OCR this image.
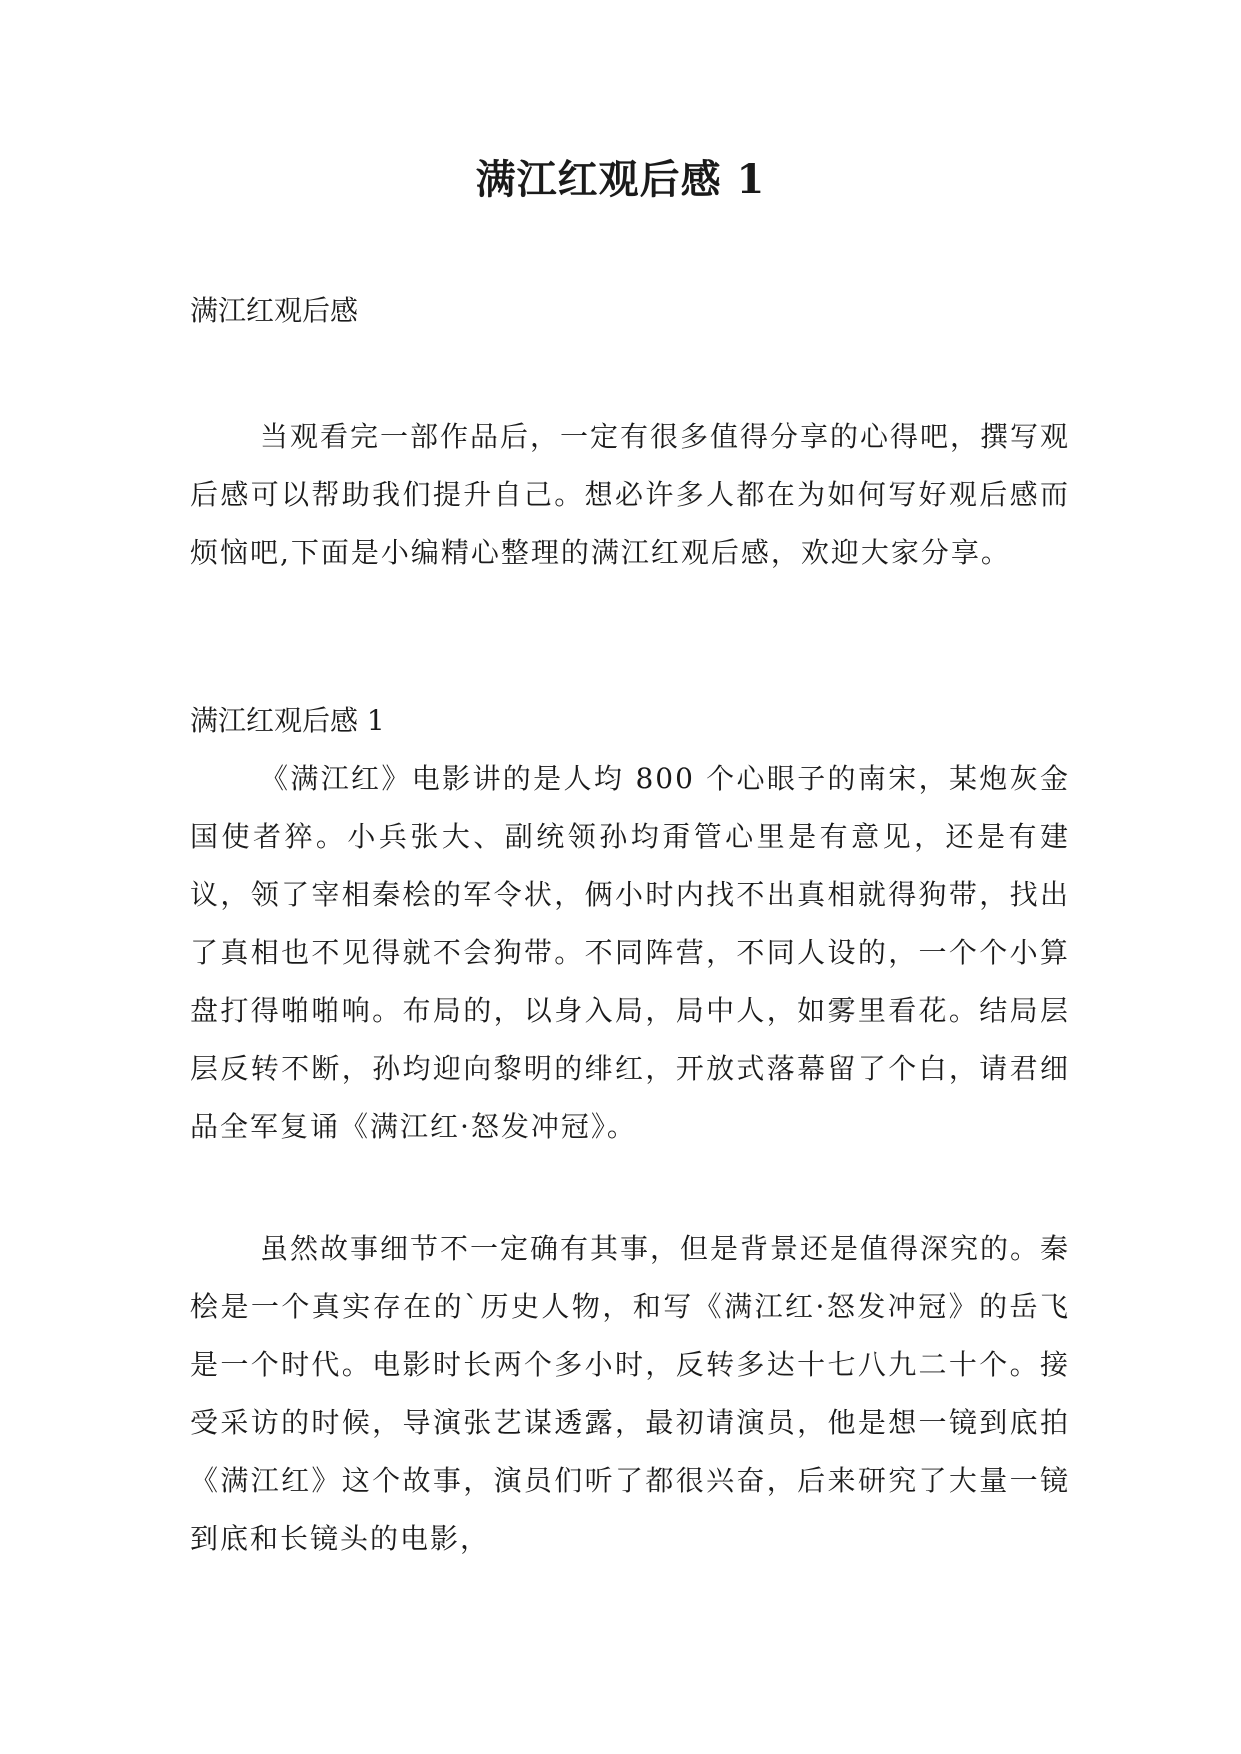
满江红观后感 1

满江红观后感

当观看完一部作品后，一定有很多值得分享的心得吧，撰写观后感可以帮助我们提升自己。想必许多人都在为如何写好观后感而烦恼吧,下面是小编精心整理的满江红观后感，欢迎大家分享。

满江红观后感 1

《满江红》电影讲的是人均 800 个心眼子的南宋，某炮灰金国使者猝。小兵张大、副统领孙均甭管心里是有意见，还是有建议，领了宰相秦桧的军令状，俩小时内找不出真相就得狗带，找出了真相也不见得就不会狗带。不同阵营，不同人设的，一个个小算盘打得啪啪响。布局的，以身入局，局中人，如雾里看花。结局层层反转不断，孙均迎向黎明的绯红，开放式落幕留了个白，请君细品全军复诵《满江红·怒发冲冠》。

虽然故事细节不一定确有其事，但是背景还是值得深究的。秦桧是一个真实存在的`历史人物，和写《满江红·怒发冲冠》的岳飞是一个时代。电影时长两个多小时，反转多达十七八九二十个。接受采访的时候，导演张艺谋透露，最初请演员，他是想一镜到底拍《满江红》这个故事，演员们听了都很兴奋，后来研究了大量一镜到底和长镜头的电影，
